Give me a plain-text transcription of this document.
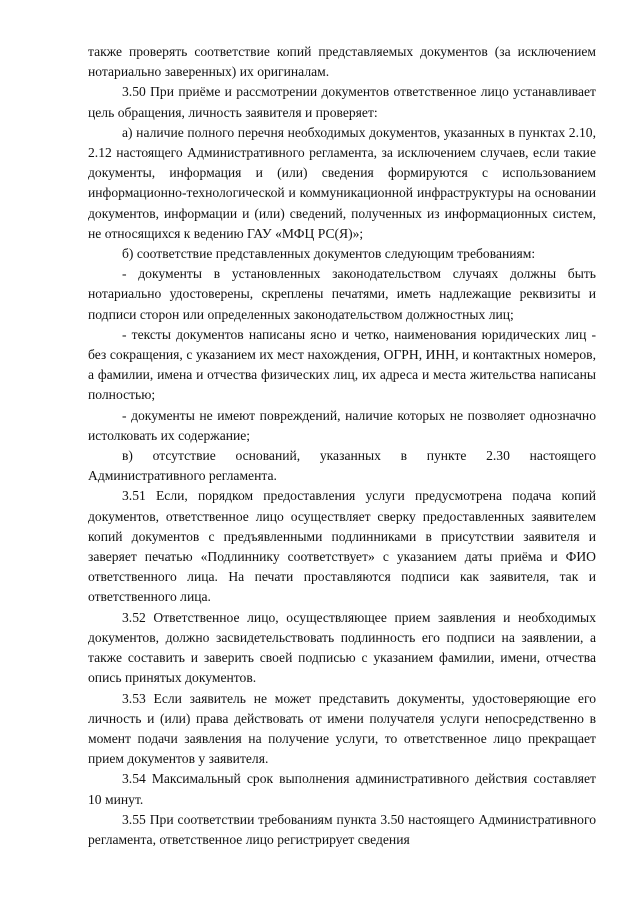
также проверять соответствие копий представляемых документов (за исключением нотариально заверенных) их оригиналам.

3.50 При приёме и рассмотрении документов ответственное лицо устанавливает цель обращения, личность заявителя и проверяет:

а) наличие полного перечня необходимых документов, указанных в пунктах 2.10, 2.12 настоящего Административного регламента, за исключением случаев, если такие документы, информация и (или) сведения формируются с использованием информационно-технологической и коммуникационной инфраструктуры на основании документов, информации и (или) сведений, полученных из информационных систем, не относящихся к ведению ГАУ «МФЦ РС(Я)»;

б) соответствие представленных документов следующим требованиям:

- документы в установленных законодательством случаях должны быть нотариально удостоверены, скреплены печатями, иметь надлежащие реквизиты и подписи сторон или определенных законодательством должностных лиц;

- тексты документов написаны ясно и четко, наименования юридических лиц - без сокращения, с указанием их мест нахождения, ОГРН, ИНН, и контактных номеров, а фамилии, имена и отчества физических лиц, их адреса и места жительства написаны полностью;

- документы не имеют повреждений, наличие которых не позволяет однозначно истолковать их содержание;

в) отсутствие оснований, указанных в пункте 2.30 настоящего Административного регламента.

3.51 Если, порядком предоставления услуги предусмотрена подача копий документов, ответственное лицо осуществляет сверку предоставленных заявителем копий документов с предъявленными подлинниками в присутствии заявителя и заверяет печатью «Подлиннику соответствует» с указанием даты приёма и ФИО ответственного лица. На печати проставляются подписи как заявителя, так и ответственного лица.

3.52 Ответственное лицо, осуществляющее прием заявления и необходимых документов, должно засвидетельствовать подлинность его подписи на заявлении, а также составить и заверить своей подписью с указанием фамилии, имени, отчества опись принятых документов.

3.53 Если заявитель не может представить документы, удостоверяющие его личность и (или) права действовать от имени получателя услуги непосредственно в момент подачи заявления на получение услуги, то ответственное лицо прекращает прием документов у заявителя.

3.54 Максимальный срок выполнения административного действия составляет 10 минут.

3.55 При соответствии требованиям пункта 3.50 настоящего Административного регламента, ответственное лицо регистрирует сведения
